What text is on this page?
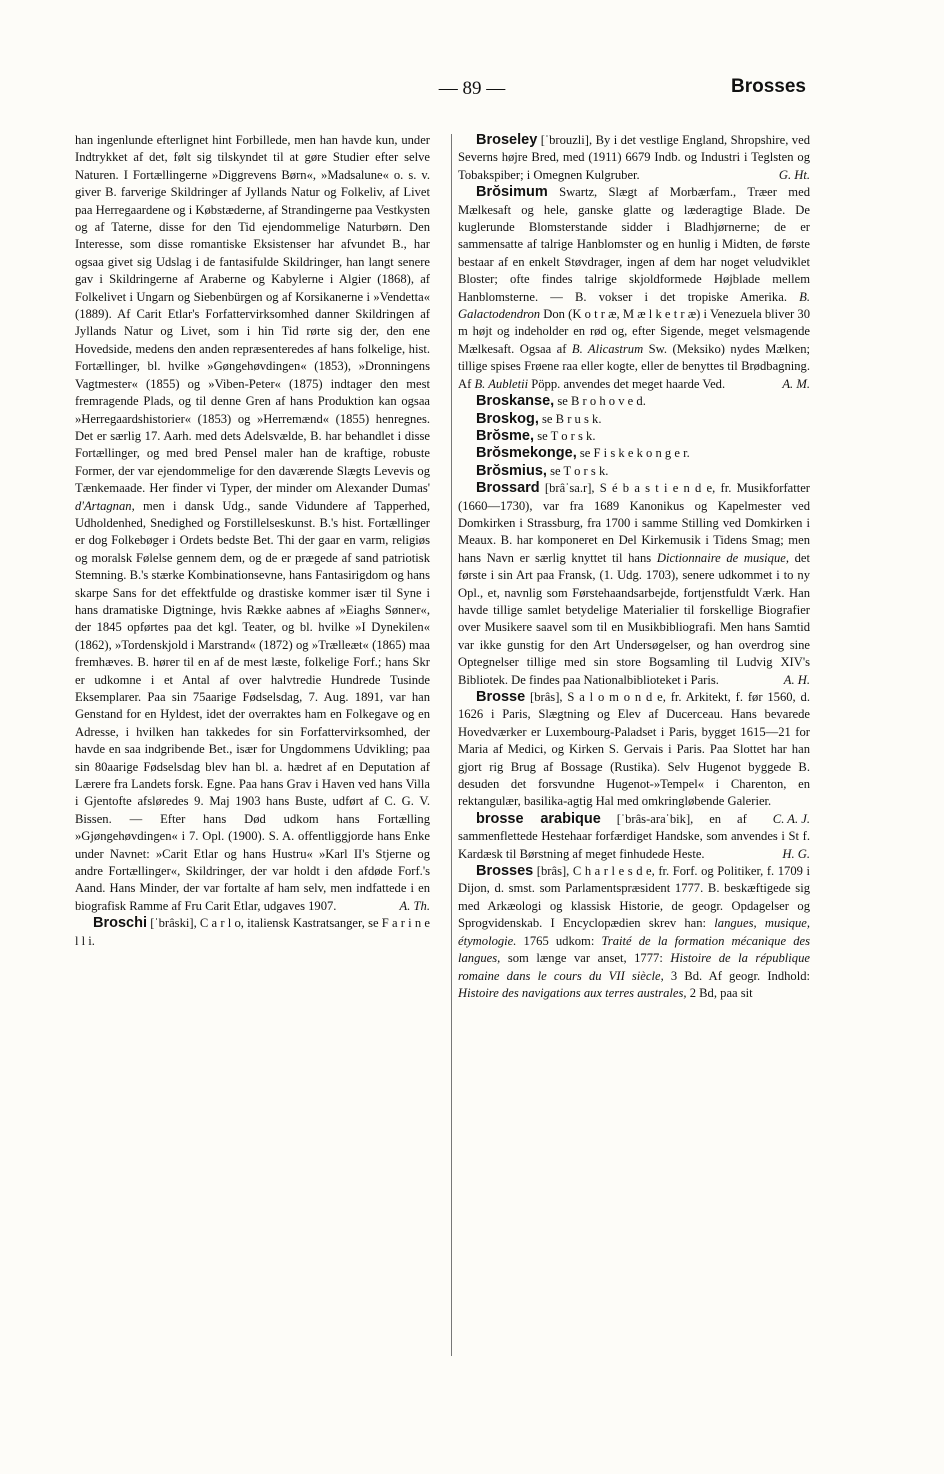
— 89 —	Brosses

han ingenlunde efterlignet hint Forbillede, men han havde kun, under Indtrykket af det, følt sig tilskyndet til at gøre Studier efter selve Naturen. I Fortællingerne »Diggrevens Børn«, »Madsalune« o. s. v. giver B. farverige Skildringer af Jyllands Natur og Folkeliv, af Livet paa Herregaardene og i Købstæderne, af Strandingerne paa Vestkysten og af Taterne, disse for den Tid ejendommelige Naturbørn. Den Interesse, som disse romantiske Eksistenser har afvundet B., har ogsaa givet sig Udslag i de fantasifulde Skildringer, han langt senere gav i Skildringerne af Araberne og Kabylerne i Algier (1868), af Folkelivet i Ungarn og Siebenbürgen og af Korsikanerne i »Vendetta« (1889). Af Carit Etlar's Forfattervirksomhed danner Skildringen af Jyllands Natur og Livet, som i hin Tid rørte sig der, den ene Hovedside, medens den anden repræsenteredes af hans folkelige, hist. Fortællinger, bl. hvilke »Gøngehøvdingen« (1853), »Dronningens Vagtmester« (1855) og »Viben-Peter« (1875) indtager den mest fremragende Plads, og til denne Gren af hans Produktion kan ogsaa »Herregaardshistorier« (1853) og »Herremænd« (1855) henregnes. Det er særlig 17. Aarh. med dets Adelsvælde, B. har behandlet i disse Fortællinger, og med bred Pensel maler han de kraftige, robuste Former, der var ejendommelige for den daværende Slægts Levevis og Tænkemaade. Her finder vi Typer, der minder om Alexander Dumas' d'Artagnan, men i dansk Udg., sande Vidundere af Tapperhed, Udholdenhed, Snedighed og Forstillelseskunst. B.'s hist. Fortællinger er dog Folkebøger i Ordets bedste Bet. Thi der gaar en varm, religiøs og moralsk Følelse gennem dem, og de er prægede af sand patriotisk Stemning. B.'s stærke Kombinationsevne, hans Fantasirigdom og hans skarpe Sans for det effektfulde og drastiske kommer især til Syne i hans dramatiske Digtninge, hvis Række aabnes af »Eiaghs Sønner«, der 1845 opførtes paa det kgl. Teater, og bl. hvilke »I Dynekilen« (1862), »Tordenskjold i Marstrand« (1872) og »Trælleæt« (1865) maa fremhæves. B. hører til en af de mest læste, folkelige Forf.; hans Skr er udkomne i et Antal af over halvtredie Hundrede Tusinde Eksemplarer. Paa sin 75aarige Fødselsdag, 7. Aug. 1891, var han Genstand for en Hyldest, idet der overraktes ham en Folkegave og en Adresse, i hvilken han takkedes for sin Forfattervirksomhed, der havde en saa indgribende Bet., især for Ungdommens Udvikling; paa sin 80aarige Fødselsdag blev han bl. a. hædret af en Deputation af Lærere fra Landets forsk. Egne. Paa hans Grav i Haven ved hans Villa i Gjentofte afsløredes 9. Maj 1903 hans Buste, udført af C. G. V. Bissen. — Efter hans Død udkom hans Fortælling »Gjøngehøvdingen« i 7. Opl. (1900). S. A. offentliggjorde hans Enke under Navnet: »Carit Etlar og hans Hustru« »Karl II's Stjerne og andre Fortællinger«, Skildringer, der var holdt i den afdøde Forf.'s Aand. Hans Minder, der var fortalte af ham selv, men indfattede i en biografisk Ramme af Fru Carit Etlar, udgaves 1907.	A. Th.

Broschi [ˈbrâski], C a r l o, italiensk Kastratsanger, se F a r i n e l l i.

Broseley [ˈbrouzli], By i det vestlige England, Shropshire, ved Severns højre Bred, med (1911) 6679 Indb. og Industri i Teglsten og Tobakspiber; i Omegnen Kulgruber.	G. Ht.

Brŏsimum Swartz, Slægt af Morbærfam., Træer med Mælkesaft og hele, ganske glatte og læderagtige Blade. De kuglerunde Blomsterstande sidder i Bladhjørnerne; de er sammensatte af talrige Hanblomster og en hunlig i Midten, de første bestaar af en enkelt Støvdrager, ingen af dem har noget veludviklet Bloster; ofte findes talrige skjoldformede Højblade mellem Hanblomsterne. — B. vokser i det tropiske Amerika. B. Galactodendron Don (K o t r æ, M æ l k e t r æ) i Venezuela bliver 30 m højt og indeholder en rød og, efter Sigende, meget velsmagende Mælkesaft. Ogsaa af B. Alicastrum Sw. (Meksiko) nydes Mælken; tillige spises Frøene raa eller kogte, eller de benyttes til Brødbagning. Af B. Aubletii Pöpp. anvendes det meget haarde Ved.	A. M.

Broskanse, se B r o h o v e d.

Broskog, se B r u s k.

Brŏsme, se T o r s k.

Brŏsmekonge, se F i s k e k o n g e r.

Brŏsmius, se T o r s k.

Brossard [brâˈsa.r], S é b a s t i e n d e, fr. Musikforfatter (1660—1730), var fra 1689 Kanonikus og Kapelmester ved Domkirken i Strassburg, fra 1700 i samme Stilling ved Domkirken i Meaux. B. har komponeret en Del Kirkemusik i Tidens Smag; men hans Navn er særlig knyttet til hans Dictionnaire de musique, det første i sin Art paa Fransk, (1. Udg. 1703), senere udkommet i to ny Opl., et, navnlig som Førstehaandsarbejde, fortjenstfuldt Værk. Han havde tillige samlet betydelige Materialier til forskellige Biografier over Musikere saavel som til en Musikbibliografi. Men hans Samtid var ikke gunstig for den Art Undersøgelser, og han overdrog sine Optegnelser tillige med sin store Bogsamling til Ludvig XIV's Bibliotek. De findes paa Nationalbiblioteket i Paris.	A. H.

Brosse [brâs], S a l o m o n d e, fr. Arkitekt, f. før 1560, d. 1626 i Paris, Slægtning og Elev af Ducerceau. Hans bevarede Hovedværker er Luxembourg-Paladset i Paris, bygget 1615—21 for Maria af Medici, og Kirken S. Gervais i Paris. Paa Slottet har han gjort rig Brug af Bossage (Rustika). Selv Hugenot byggede B. desuden det forsvundne Hugenot-»Tempel« i Charenton, en rektangulær, basilika-agtig Hal med omkringløbende Galerier.
C. A. J.

brosse arabique [ˈbrâs-araˈbik], en af sammenflettede Hestehaar forfærdiget Handske, som anvendes i St f. Kardæsk til Børstning af meget finhudede Heste.	H. G.

Brosses [brâs], C h a r l e s d e, fr. Forf. og Politiker, f. 1709 i Dijon, d. smst. som Parlamentspræsident 1777. B. beskæftigede sig med Arkæologi og klassisk Historie, de geogr. Opdagelser og Sprogvidenskab. I Encyclopædien skrev han: langues, musique, étymologie. 1765 udkom: Traité de la formation mécanique des langues, som længe var anset, 1777: Histoire de la république romaine dans le cours du VII siècle, 3 Bd. Af geogr. Indhold: Histoire des navigations aux terres australes, 2 Bd, paa sit
